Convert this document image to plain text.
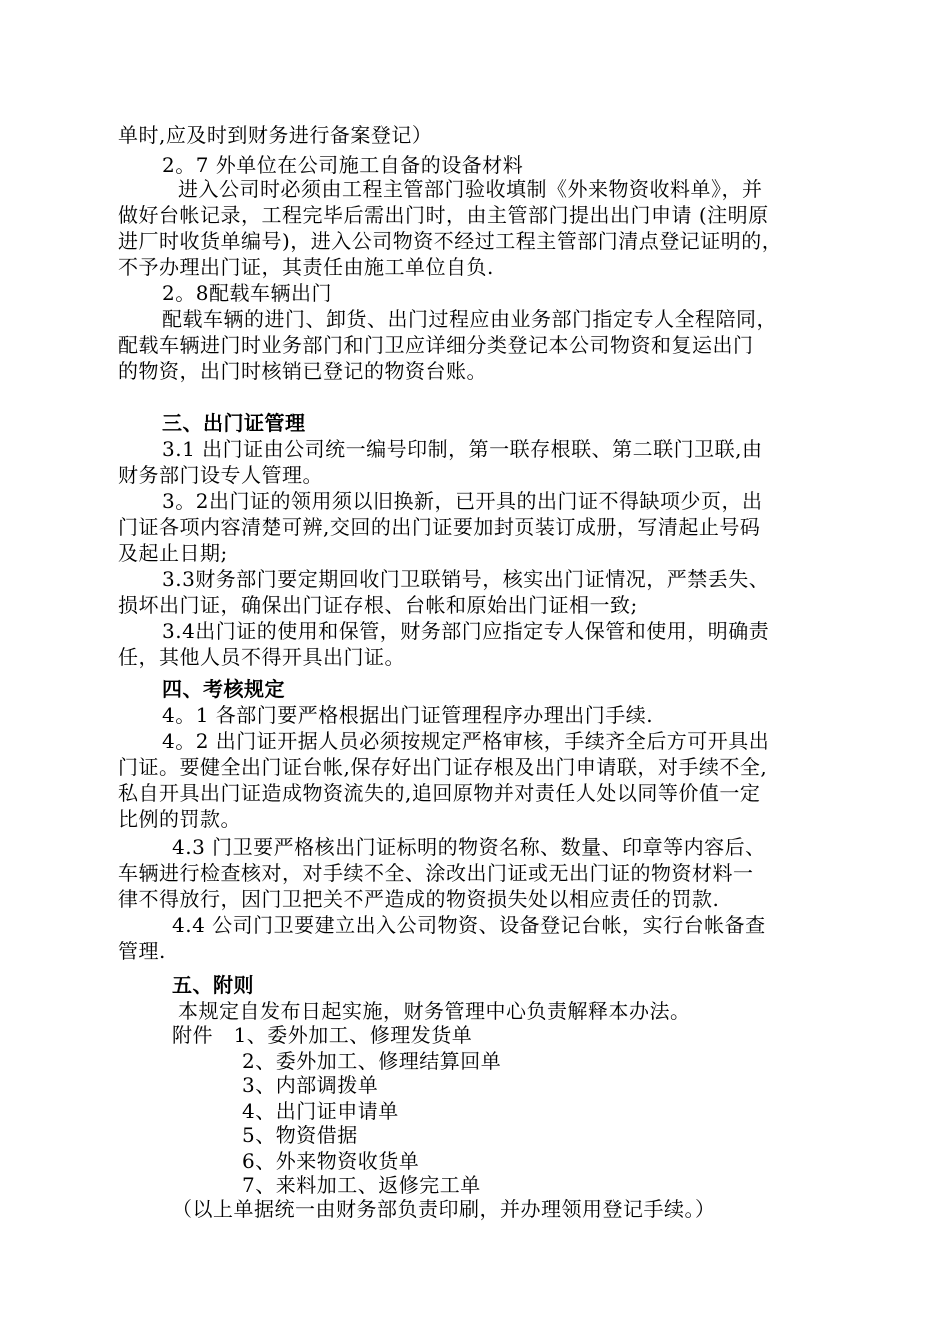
单时,应及时到财务进行备案登记）
2。7 外单位在公司施工自备的设备材料
进入公司时必须由工程主管部门验收填制《外来物资收料单》，并
做好台帐记录，工程完毕后需出门时，由主管部门提出出门申请 (注明原
进厂时收货单编号)，进入公司物资不经过工程主管部门清点登记证明的，
不予办理出门证，其责任由施工单位自负.
2。8配载车辆出门
配载车辆的进门、卸货、出门过程应由业务部门指定专人全程陪同，
配载车辆进门时业务部门和门卫应详细分类登记本公司物资和复运出门
的物资，出门时核销已登记的物资台账。
三、出门证管理
3.1 出门证由公司统一编号印制，第一联存根联、第二联门卫联,由
财务部门设专人管理。
3。2出门证的领用须以旧换新，已开具的出门证不得缺项少页，出
门证各项内容清楚可辨,交回的出门证要加封页装订成册，写清起止号码
及起止日期;
3.3财务部门要定期回收门卫联销号，核实出门证情况，严禁丢失、
损坏出门证，确保出门证存根、台帐和原始出门证相一致;
3.4出门证的使用和保管，财务部门应指定专人保管和使用，明确责
任，其他人员不得开具出门证。
四、考核规定
4。1 各部门要严格根据出门证管理程序办理出门手续.
4。2 出门证开据人员必须按规定严格审核，手续齐全后方可开具出
门证。要健全出门证台帐,保存好出门证存根及出门申请联，对手续不全,
私自开具出门证造成物资流失的,追回原物并对责任人处以同等价值一定
比例的罚款。
4.3 门卫要严格核出门证标明的物资名称、数量、印章等内容后、
车辆进行检查核对，对手续不全、涂改出门证或无出门证的物资材料一
律不得放行，因门卫把关不严造成的物资损失处以相应责任的罚款.
4.4 公司门卫要建立出入公司物资、设备登记台帐，实行台帐备查
管理.
五、附则
本规定自发布日起实施，财务管理中心负责解释本办法。
附件   1、委外加工、修理发货单
2、委外加工、修理结算回单
3、内部调拨单
4、出门证申请单
5、物资借据
6、外来物资收货单
7、来料加工、返修完工单
（以上单据统一由财务部负责印刷，并办理领用登记手续。）
